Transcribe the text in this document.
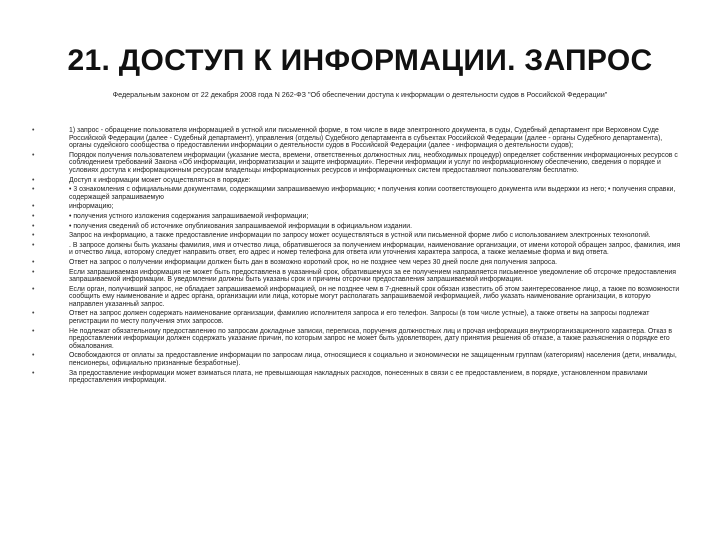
21. ДОСТУП К ИНФОРМАЦИИ. ЗАПРОС
Федеральным законом от 22 декабря 2008 года N 262-ФЗ "Об обеспечении доступа к информации о деятельности судов в Российской Федерации"
• 1) запрос - обращение пользователя информацией в устной или письменной форме, в том числе в виде электронного документа, в суды, Судебный департамент при Верховном Суде Российской Федерации (далее - Судебный департамент), управления (отделы) Судебного департамента в субъектах Российской Федерации (далее - органы Судебного департамента), органы судейского сообщества о предоставлении информации о деятельности судов в Российской Федерации (далее - информация о деятельности судов);
• Порядок получения пользователем информации (указание места, времени, ответственных должностных лиц, необходимых процедур) определяет собственник информационных ресурсов с соблюдением требований Закона «Об информации, информатизации и защите информации». Перечни информации и услуг по информационному обеспечению, сведения о порядке и условиях доступа к информационным ресурсам владельцы информационных ресурсов и информационных систем предоставляют пользователям бесплатно.
• Доступ к информации может осуществляться в порядке:
• • 3 ознакомления с официальными документами, содержащими запрашиваемую информацию; • получения копии соответствующего документа или выдержки из него; • получения справки, содержащей запрашиваемую
• информацию;
• • получения устного изложения содержания запрашиваемой информации;
• • получения сведений об источнике опубликования запрашиваемой информации в официальном издании.
• Запрос на информацию, а также предоставление информации по запросу может осуществляться в устной или письменной форме либо с использованием электронных технологий.
• . В запросе должны быть указаны фамилия, имя и отчество лица, обратившегося за получением информации, наименование организации, от имени которой обращен запрос, фамилия, имя и отчество лица, которому следует направить ответ, его адрес и номер телефона для ответа или уточнения характера запроса, а также желаемые форма и вид ответа.
• Ответ на запрос о получении информации должен быть дан в возможно короткий срок, но не позднее чем через 30 дней после дня получения запроса.
• Если запрашиваемая информация не может быть предоставлена в указанный срок, обратившемуся за ее получением направляется письменное уведомление об отсрочке предоставления запрашиваемой информации. В уведомлении должны быть указаны срок и причины отсрочки предоставления запрашиваемой информации.
• Если орган, получивший запрос, не обладает запрашиваемой информацией, он не позднее чем в 7-дневный срок обязан известить об этом заинтересованное лицо, а также по возможности сообщить ему наименование и адрес органа, организации или лица, которые могут располагать запрашиваемой информацией, либо указать наименование организации, в которую направлен указанный запрос.
• Ответ на запрос должен содержать наименование организации, фамилию исполнителя запроса и его телефон. Запросы (в том числе устные), а также ответы на запросы подлежат регистрации по месту получения этих запросов.
• Не подлежат обязательному предоставлению по запросам докладные записки, переписка, поручения должностных лиц и прочая информация внутриорганизационного характера. Отказ в предоставлении информации должен содержать указание причин, по которым запрос не может быть удовлетворен, дату принятия решения об отказе, а также разъяснения о порядке его обжалования.
• Освобождаются от оплаты за предоставление информации по запросам лица, относящиеся к социально и экономически не защищенным группам (категориям) населения (дети, инвалиды, пенсионеры, официально признанные безработные).
• За предоставление информации может взиматься плата, не превышающая накладных расходов, понесенных в связи с ее предоставлением, в порядке, установленном правилами предоставления информации.
